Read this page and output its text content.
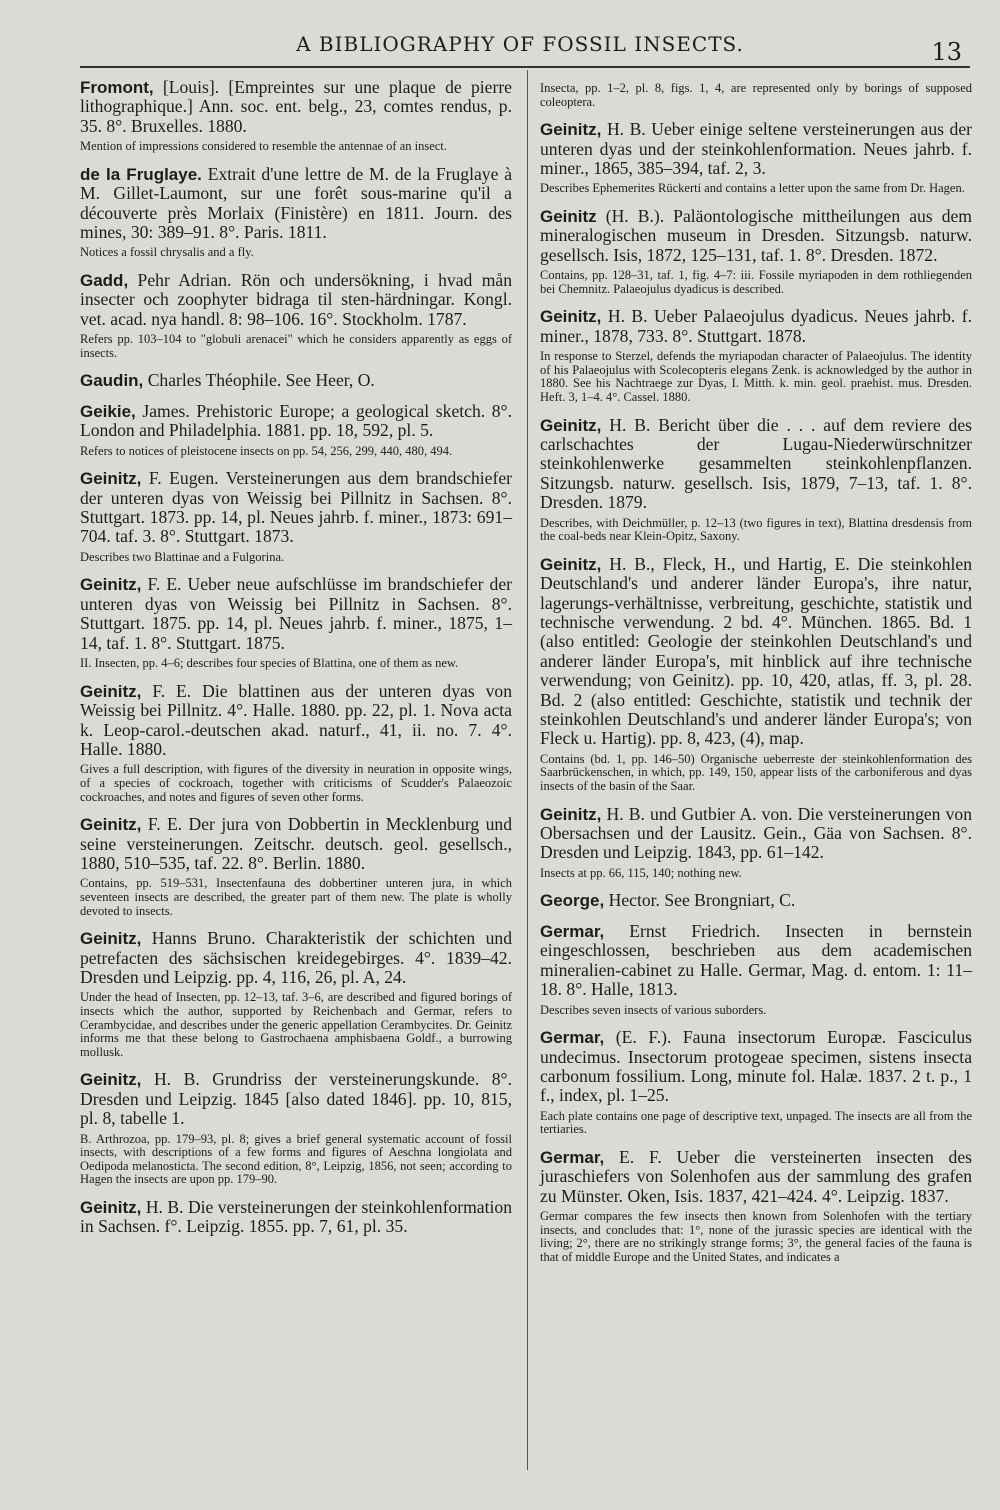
A BIBLIOGRAPHY OF FOSSIL INSECTS.	13
Fromont, [Louis]. [Empreintes sur une plaque de pierre lithographique.] Ann. soc. ent. belg., 23, comtes rendus, p. 35. 8°. Bruxelles. 1880.
Mention of impressions considered to resemble the antennae of an insect.
de la Fruglaye. Extrait d'une lettre de M. de la Fruglaye à M. Gillet-Laumont, sur une forêt sous-marine qu'il a découverte près Morlaix (Finistère) en 1811. Journ. des mines, 30: 389–91. 8°. Paris. 1811.
Notices a fossil chrysalis and a fly.
Gadd, Pehr Adrian. Rön och undersökning, i hvad mån insecter och zoophyter bidraga til sten-härdningar. Kongl. vet. acad. nya handl. 8: 98–106. 16°. Stockholm. 1787.
Refers pp. 103–104 to "globuli arenacei" which he considers apparently as eggs of insects.
Gaudin, Charles Théophile. See Heer, O.
Geikie, James. Prehistoric Europe; a geological sketch. 8°. London and Philadelphia. 1881. pp. 18, 592, pl. 5.
Refers to notices of pleistocene insects on pp. 54, 256, 299, 440, 480, 494.
Geinitz, F. Eugen. Versteinerungen aus dem brandschiefer der unteren dyas von Weissig bei Pillnitz in Sachsen. 8°. Stuttgart. 1873. pp. 14, pl. Neues jahrb. f. miner., 1873: 691–704. taf. 3. 8°. Stuttgart. 1873.
Describes two Blattinae and a Fulgorina.
Geinitz, F. E. Ueber neue aufschlüsse im brandschiefer der unteren dyas von Weissig bei Pillnitz in Sachsen. 8°. Stuttgart. 1875. pp. 14, pl. Neues jahrb. f. miner., 1875, 1–14, taf. 1. 8°. Stuttgart. 1875.
II. Insecten, pp. 4–6; describes four species of Blattina, one of them as new.
Geinitz, F. E. Die blattinen aus der unteren dyas von Weissig bei Pillnitz. 4°. Halle. 1880. pp. 22, pl. 1. Nova acta k. Leop-carol.-deutschen akad. naturf., 41, ii. no. 7. 4°. Halle. 1880.
Gives a full description, with figures of the diversity in neuration in opposite wings, of a species of cockroach, together with criticisms of Scudder's Palaeozoic cockroaches, and notes and figures of seven other forms.
Geinitz, F. E. Der jura von Dobbertin in Mecklenburg und seine versteinerungen. Zeitschr. deutsch. geol. gesellsch., 1880, 510–535, taf. 22. 8°. Berlin. 1880.
Contains, pp. 519–531, Insectenfauna des dobbertiner unteren jura, in which seventeen insects are described, the greater part of them new. The plate is wholly devoted to insects.
Geinitz, Hanns Bruno. Charakteristik der schichten und petrefacten des sächsischen kreidegebirges. 4°. 1839–42. Dresden und Leipzig. pp. 4, 116, 26, pl. A, 24.
Under the head of Insecten, pp. 12–13, taf. 3–6, are described and figured borings of insects which the author, supported by Reichenbach and Germar, refers to Cerambycidae, and describes under the generic appellation Cerambycites. Dr. Geinitz informs me that these belong to Gastrochaena amphisbaena Goldf., a burrowing mollusk.
Geinitz, H. B. Grundriss der versteinerungskunde. 8°. Dresden und Leipzig. 1845 [also dated 1846]. pp. 10, 815, pl. 8, tabelle 1.
B. Arthrozoa, pp. 179–93, pl. 8; gives a brief general systematic account of fossil insects, with descriptions of a few forms and figures of Aeschna longiolata and Oedipoda melanosticta. The second edition, 8°, Leipzig, 1856, not seen; according to Hagen the insects are upon pp. 179–90.
Geinitz, H. B. Die versteinerungen der steinkohlenformation in Sachsen. f°. Leipzig. 1855. pp. 7, 61, pl. 35.
Insecta, pp. 1–2, pl. 8, figs. 1, 4, are represented only by borings of supposed coleoptera.
Geinitz, H. B. Ueber einige seltene versteinerungen aus der unteren dyas und der steinkohlenformation. Neues jahrb. f. miner., 1865, 385–394, taf. 2, 3.
Describes Ephemerites Rückerti and contains a letter upon the same from Dr. Hagen.
Geinitz (H. B.). Paläontologische mittheilungen aus dem mineralogischen museum in Dresden. Sitzungsb. naturw. gesellsch. Isis, 1872, 125–131, taf. 1. 8°. Dresden. 1872.
Contains, pp. 128–31, taf. 1, fig. 4–7: iii. Fossile myriapoden in dem rothliegenden bei Chemnitz. Palaeojulus dyadicus is described.
Geinitz, H. B. Ueber Palaeojulus dyadicus. Neues jahrb. f. miner., 1878, 733. 8°. Stuttgart. 1878.
In response to Sterzel, defends the myriapodan character of Palaeojulus. The identity of his Palaeojulus with Scolecopteris elegans Zenk. is acknowledged by the author in 1880. See his Nachtraege zur Dyas, I. Mitth. k. min. geol. praehist. mus. Dresden. Heft. 3, 1–4. 4°. Cassel. 1880.
Geinitz, H. B. Bericht über die . . . auf dem reviere des carlschachtes der Lugau-Niederwürschnitzer steinkohlenwerke gesammelten steinkohlenpflanzen. Sitzungsb. naturw. gesellsch. Isis, 1879, 7–13, taf. 1. 8°. Dresden. 1879.
Describes, with Deichmüller, p. 12–13 (two figures in text), Blattina dresdensis from the coal-beds near Klein-Opitz, Saxony.
Geinitz, H. B., Fleck, H., und Hartig, E. Die steinkohlen Deutschland's und anderer länder Europa's, ihre natur, lagerungs-verhältnisse, verbreitung, geschichte, statistik und technische verwendung. 2 bd. 4°. München. 1865. Bd. 1 (also entitled: Geologie der steinkohlen Deutschland's und anderer länder Europa's, mit hinblick auf ihre technische verwendung; von Geinitz). pp. 10, 420, atlas, ff. 3, pl. 28. Bd. 2 (also entitled: Geschichte, statistik und technik der steinkohlen Deutschland's und anderer länder Europa's; von Fleck u. Hartig). pp. 8, 423, (4), map.
Contains (bd. 1, pp. 146–50) Organische ueberreste der steinkohlenformation des Saarbrückenschen, in which, pp. 149, 150, appear lists of the carboniferous and dyas insects of the basin of the Saar.
Geinitz, H. B. und Gutbier A. von. Die versteinerungen von Obersachsen und der Lausitz. Gein., Gäa von Sachsen. 8°. Dresden und Leipzig. 1843, pp. 61–142.
Insects at pp. 66, 115, 140; nothing new.
George, Hector. See Brongniart, C.
Germar, Ernst Friedrich. Insecten in bernstein eingeschlossen, beschrieben aus dem academischen mineralien-cabinet zu Halle. Germar, Mag. d. entom. 1: 11–18. 8°. Halle, 1813.
Describes seven insects of various suborders.
Germar, (E. F.). Fauna insectorum Europæ. Fasciculus undecimus. Insectorum protogeae specimen, sistens insecta carbonum fossilium. Long, minute fol. Halæ. 1837. 2 t. p., 1 f., index, pl. 1–25.
Each plate contains one page of descriptive text, unpaged. The insects are all from the tertiaries.
Germar, E. F. Ueber die versteinerten insecten des juraschiefers von Solenhofen aus der sammlung des grafen zu Münster. Oken, Isis. 1837, 421–424. 4°. Leipzig. 1837.
Germar compares the few insects then known from Solenhofen with the tertiary insects, and concludes that: 1°, none of the jurassic species are identical with the living; 2°, there are no strikingly strange forms; 3°, the general facies of the fauna is that of middle Europe and the United States, and indicates a
